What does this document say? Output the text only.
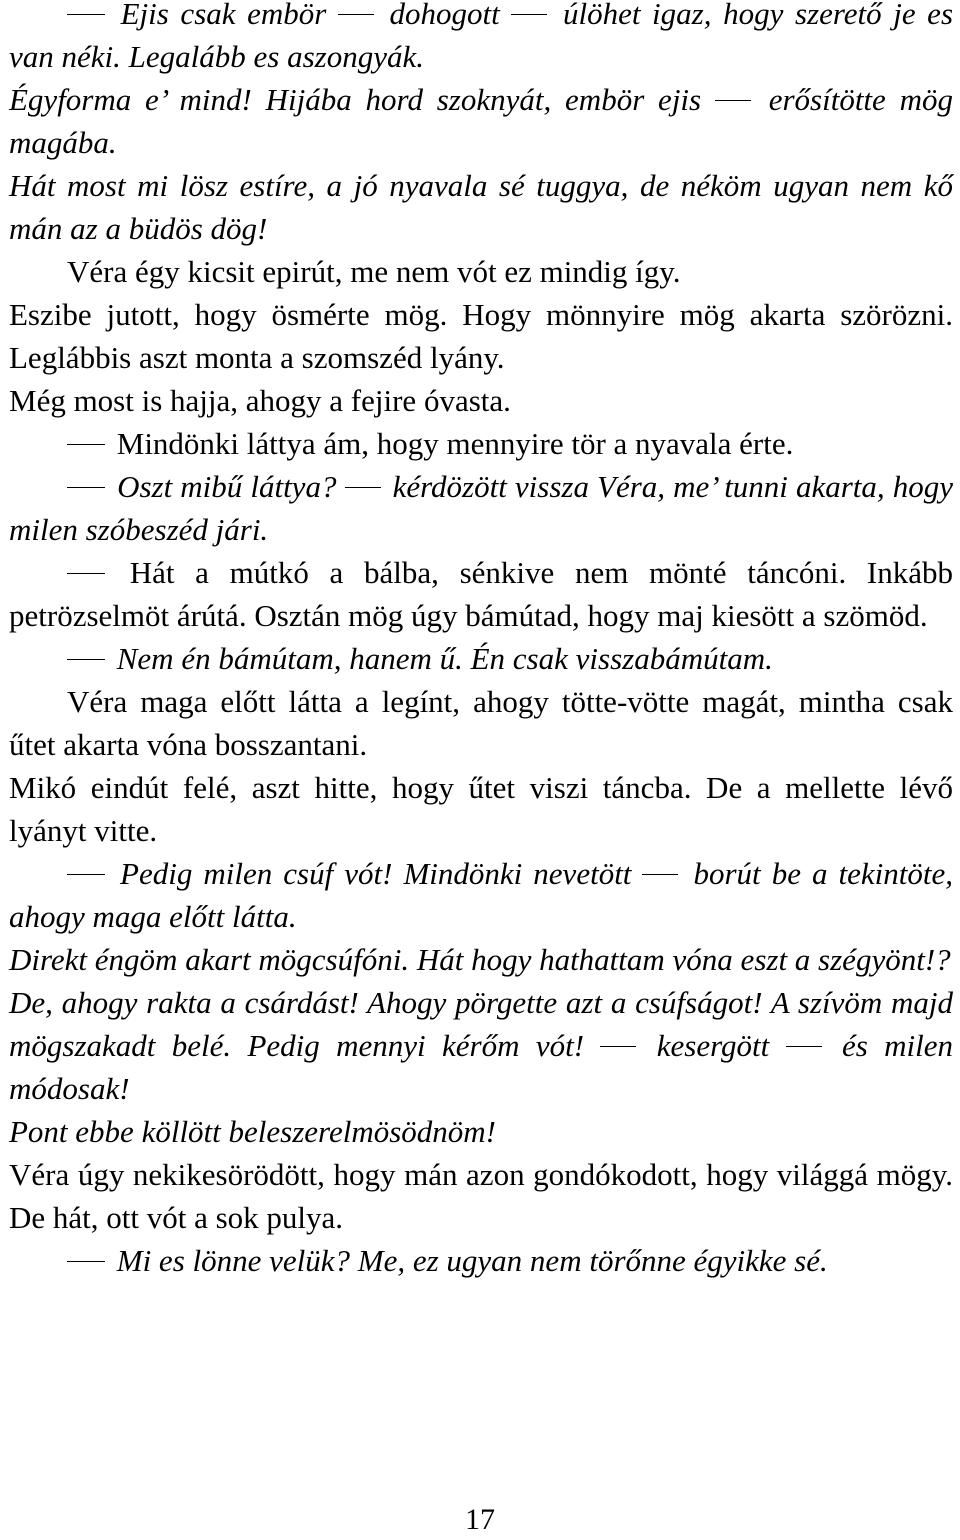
Ejis csak embör  dohogott  úlöhet igaz, hogy szerető je es van néki. Legalább es aszongyák.

Égyforma e’ mind! Hijába hord szoknyát, embör ejis  erősítötte mög magába.

Hát most mi lösz estíre, a jó nyavala sé tuggya, de néköm ugyan nem kő mán az a büdös dög!

Véra égy kicsit epirút, me nem vót ez mindig így.

Eszibe jutott, hogy ösmérte mög. Hogy mönnyire mög akarta szörözni. Leglábbis aszt monta a szomszéd lyány.

Még most is hajja, ahogy a fejire óvasta.

Mindönki láttya ám, hogy mennyire tör a nyavala érte.

Oszt mibű láttya?  kérdözött vissza Véra, me’ tunni akarta, hogy milen szóbeszéd jári.

Hát a mútkó a bálba, sénkive nem mönté táncóni. Inkább petrözselmöt árútá. Osztán mög úgy bámútad, hogy maj kiesött a szömöd.

Nem én bámútam, hanem ű. Én csak visszabámútam.

Véra maga előtt látta a legínt, ahogy tötte-vötte magát, mintha csak űtet akarta vóna bosszantani.

Mikó eindút felé, aszt hitte, hogy űtet viszi táncba. De a mellette lévő lyányt vitte.

Pedig milen csúf vót! Mindönki nevetött  borút be a tekintöte, ahogy maga előtt látta.

Direkt éngöm akart mögcsúfóni. Hát hogy hathattam vóna eszt a szégyönt!?

De, ahogy rakta a csárdást! Ahogy pörgette azt a csúfságot! A szívöm majd mögszakadt belé. Pedig mennyi kérőm vót!  kesergött  és milen módosak!

Pont ebbe köllött beleszerelmösödnöm!

Véra úgy nekikesörödött, hogy mán azon gondókodott, hogy világgá mögy. De hát, ott vót a sok pulya.

Mi es lönne velük? Me, ez ugyan nem törőnne égyikke sé.

17
